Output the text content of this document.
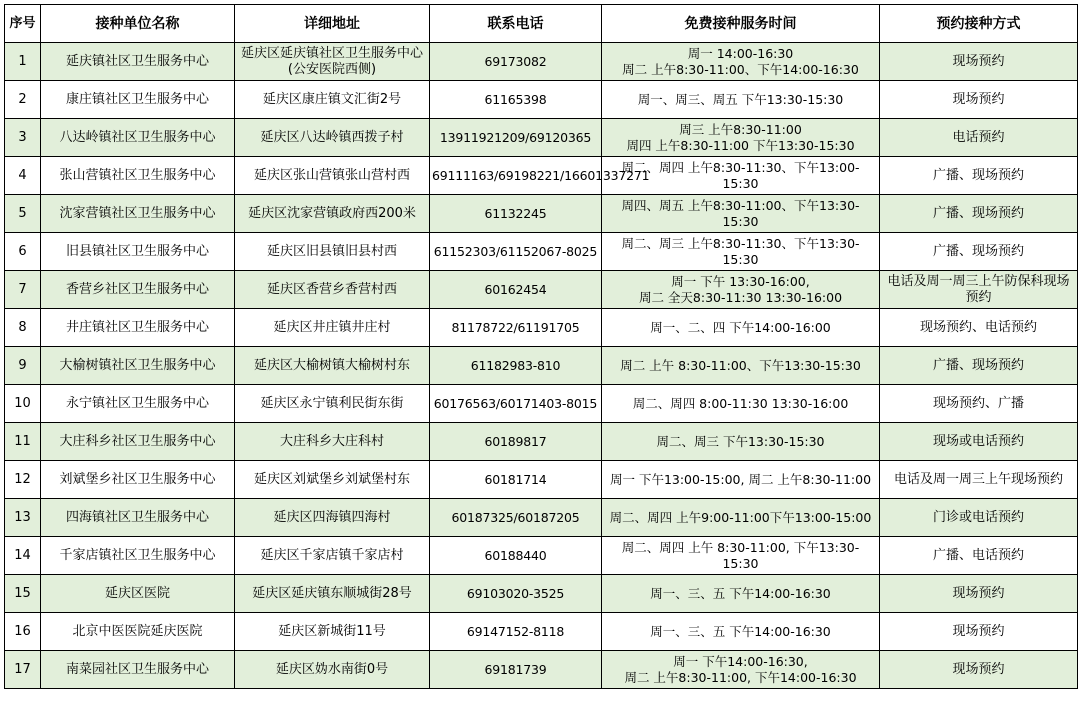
序号	接种单位名称	详细地址	联系电话	免费接种服务时间	预约接种方式
1	延庆镇社区卫生服务中心	延庆区延庆镇社区卫生服务中心(公安医院西侧)	69173082	周一 14:00-16:30
周二 上午8:30-11:00、下午14:00-16:30	现场预约
2	康庄镇社区卫生服务中心	延庆区康庄镇文汇街2号	61165398	周一、周三、周五 下午13:30-15:30	现场预约
3	八达岭镇社区卫生服务中心	延庆区八达岭镇西拨子村	13911921209/69120365	周三 上午8:30-11:00
周四 上午8:30-11:00 下午13:30-15:30	电话预约
4	张山营镇社区卫生服务中心	延庆区张山营镇张山营村西	69111163/69198221/16601337271	周二、周四 上午8:30-11:30、下午13:00-15:30	广播、现场预约
5	沈家营镇社区卫生服务中心	延庆区沈家营镇政府西200米	61132245	周四、周五 上午8:30-11:00、下午13:30-15:30	广播、现场预约
6	旧县镇社区卫生服务中心	延庆区旧县镇旧县村西	61152303/61152067-8025	周二、周三 上午8:30-11:30、下午13:30-15:30	广播、现场预约
7	香营乡社区卫生服务中心	延庆区香营乡香营村西	60162454	周一 下午 13:30-16:00,
周二 全天8:30-11:30 13:30-16:00	电话及周一周三上午防保科现场预约
8	井庄镇社区卫生服务中心	延庆区井庄镇井庄村	81178722/61191705	周一、二、四 下午14:00-16:00	现场预约、电话预约
9	大榆树镇社区卫生服务中心	延庆区大榆树镇大榆树村东	61182983-810	周二 上午 8:30-11:00、下午13:30-15:30	广播、现场预约
10	永宁镇社区卫生服务中心	延庆区永宁镇利民街东街	60176563/60171403-8015	周二、周四 8:00-11:30 13:30-16:00	现场预约、广播
11	大庄科乡社区卫生服务中心	大庄科乡大庄科村	60189817	周二、周三 下午13:30-15:30	现场或电话预约
12	刘斌堡乡社区卫生服务中心	延庆区刘斌堡乡刘斌堡村东	60181714	周一 下午13:00-15:00, 周二 上午8:30-11:00	电话及周一周三上午现场预约
13	四海镇社区卫生服务中心	延庆区四海镇四海村	60187325/60187205	周二、周四 上午9:00-11:00下午13:00-15:00	门诊或电话预约
14	千家店镇社区卫生服务中心	延庆区千家店镇千家店村	60188440	周二、周四 上午 8:30-11:00, 下午13:30-15:30	广播、电话预约
15	延庆区医院	延庆区延庆镇东顺城街28号	69103020-3525	周一、三、五 下午14:00-16:30	现场预约
16	北京中医医院延庆医院	延庆区新城街11号	69147152-8118	周一、三、五 下午14:00-16:30	现场预约
17	南菜园社区卫生服务中心	延庆区妫水南街0号	69181739	周一 下午14:00-16:30,
周二 上午8:30-11:00, 下午14:00-16:30	现场预约
